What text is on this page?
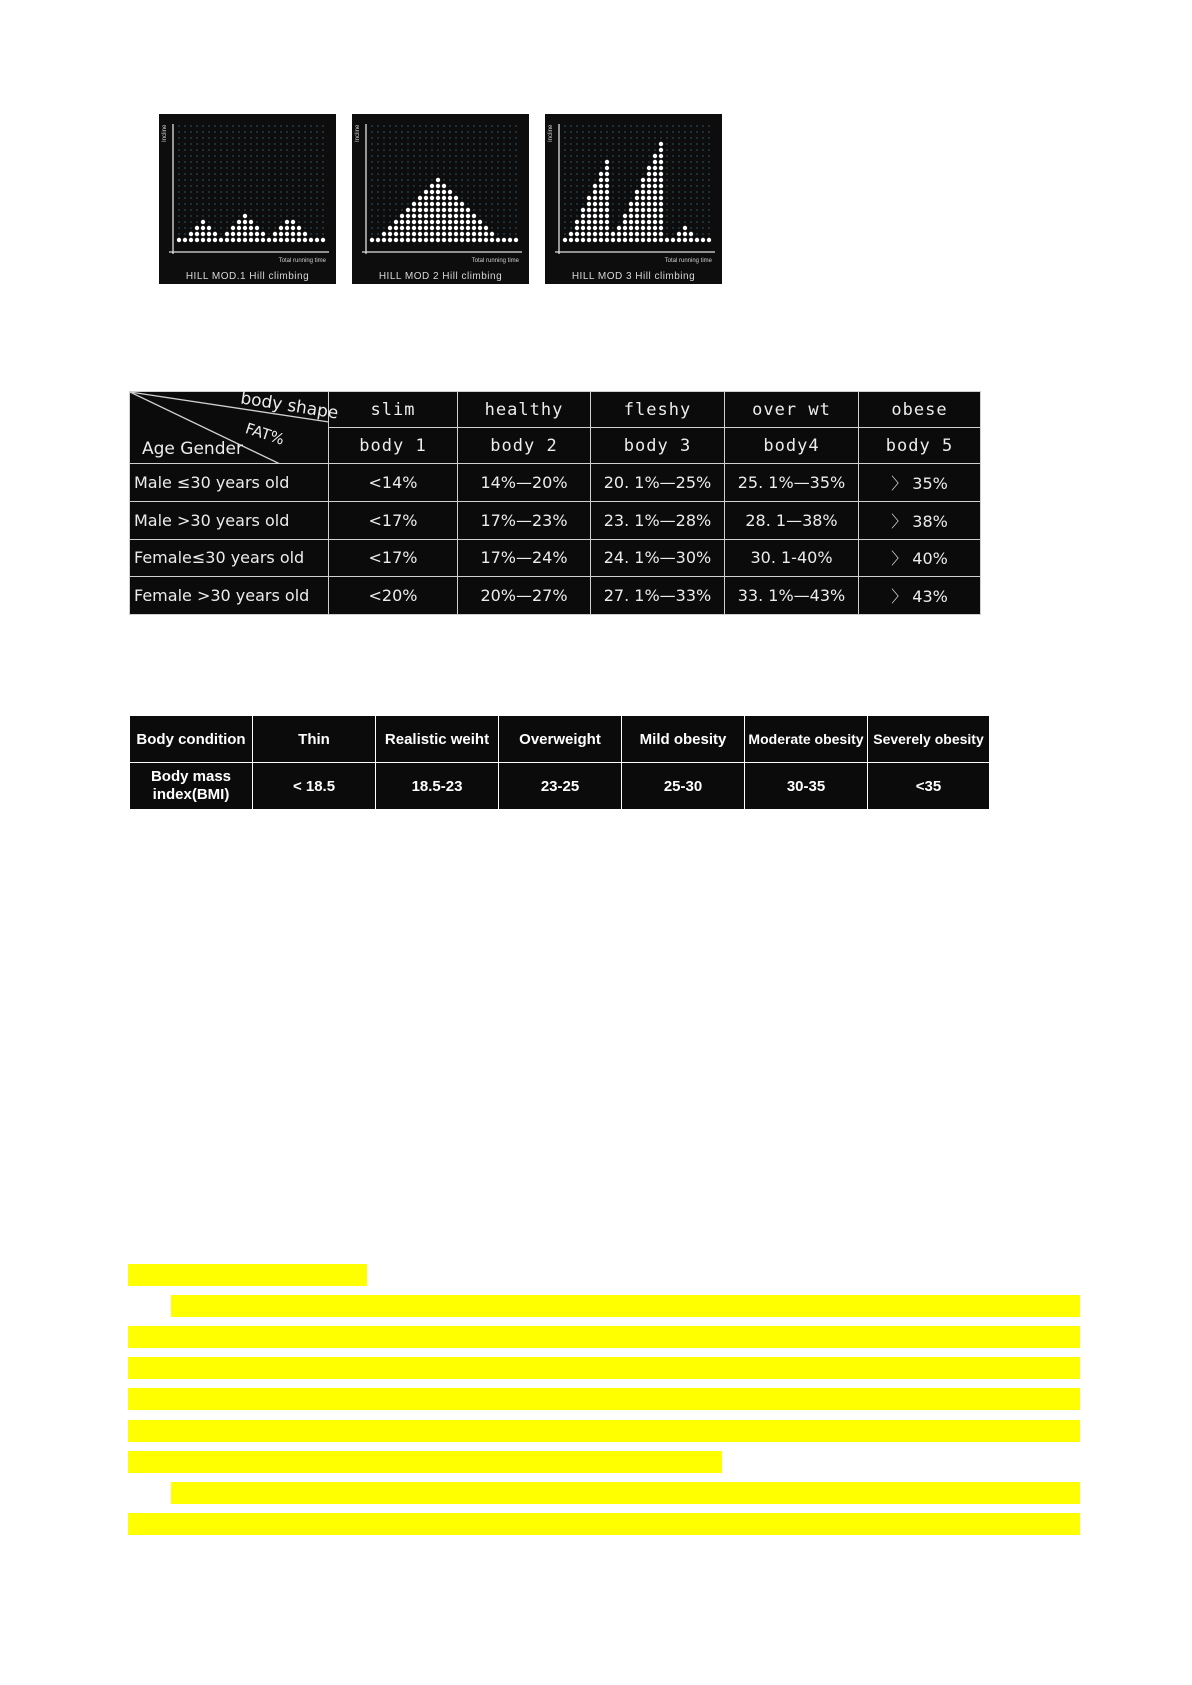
Incline
Total running time
HILL MOD.1 Hill climbing
Incline
Total running time
HILL MOD 2 Hill climbing
Incline
Total running time
HILL MOD 3 Hill climbing
body shape
FAT%
Age Gender	slim	healthy	fleshy	over wt	obese
	body 1	body 2	body 3	body4	body 5
Male ≤30 years old	<14%	14%—20%	20. 1%—25%	25. 1%—35%	〉 35%
Male >30 years old	<17%	17%—23%	23. 1%—28%	28. 1—38%	〉 38%
Female≤30 years old	<17%	17%—24%	24. 1%—30%	30. 1-40%	〉 40%
Female >30 years old	<20%	20%—27%	27. 1%—33%	33. 1%—43%	〉 43%
Body condition	Thin	Realistic weiht	Overweight	Mild obesity	Moderate obesity	Severely obesity
Body mass index(BMI)	< 18.5	18.5-23	23-25	25-30	30-35	<35
